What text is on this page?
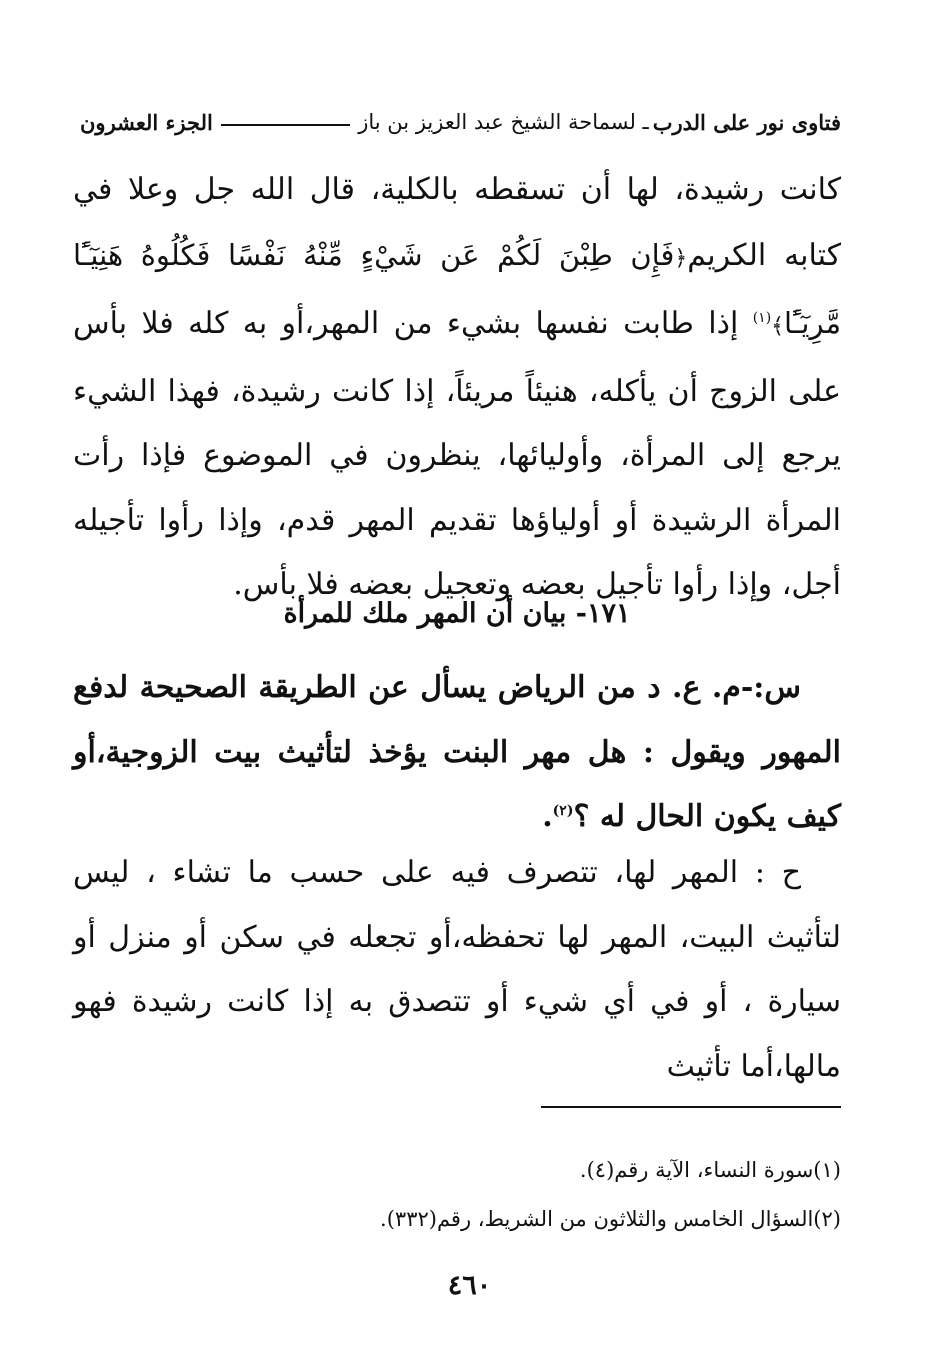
فتاوى نور على الدرب
ـ لسماحة الشيخ عبد العزيز بن باز
الجزء العشرون
كانت رشيدة، لها أن تسقطه بالكلية، قال الله جل وعلا في كتابه الكريم﴿فَإِن طِبْنَ لَكُمْ عَن شَيْءٍ مِّنْهُ نَفْسًا فَكُلُوهُ هَنِيٓـًٔا مَّرِيٓـًٔا﴾$^{(١)}$ إذا طابت نفسها بشيء من المهر،أو به كله فلا بأس على الزوج أن يأكله، هنيئاً مريئاً، إذا كانت رشيدة، فهذا الشيء يرجع إلى المرأة، وأوليائها، ينظرون في الموضوع فإذا رأت المرأة الرشيدة أو أولياؤها تقديم المهر قدم، وإذا رأوا تأجيله أجل، وإذا رأوا تأجيل بعضه وتعجيل بعضه فلا بأس.
١٧١- بيان أن المهر ملك للمرأة
س:-م. ع. د من الرياض يسأل عن الطريقة الصحيحة لدفع المهور ويقول : هل مهر البنت يؤخذ لتأثيث بيت الزوجية،أو كيف يكون الحال له ؟$^{(٢)}$.
ح : المهر لها، تتصرف فيه على حسب ما تشاء ، ليس لتأثيث البيت، المهر لها تحفظه،أو تجعله في سكن أو منزل أو سيارة ، أو في أي شيء أو تتصدق به إذا كانت رشيدة فهو مالها،أما تأثيث
(١)سورة النساء، الآية رقم(٤).
(٢)السؤال الخامس والثلاثون من الشريط، رقم(٣٣٢).
٤٦٠
